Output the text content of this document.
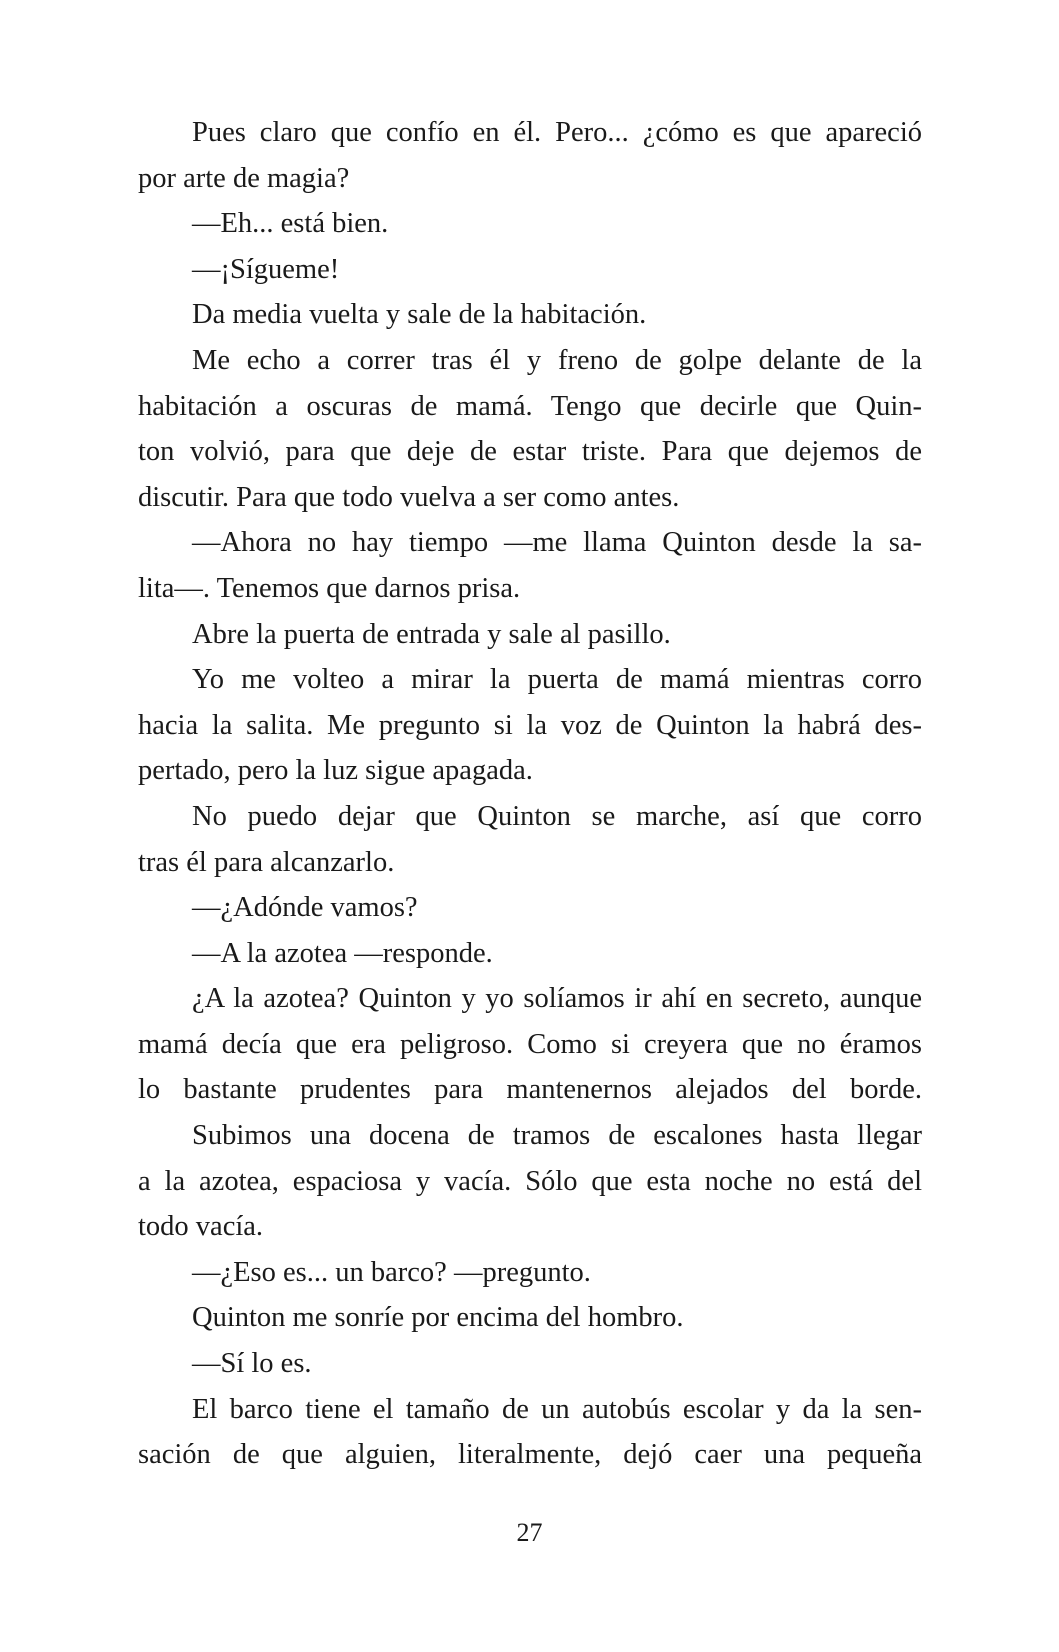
Pues claro que confío en él. Pero... ¿cómo es que apareció
por arte de magia?
—Eh... está bien.
—¡Sígueme!
Da media vuelta y sale de la habitación.
Me echo a correr tras él y freno de golpe delante de la
habitación a oscuras de mamá. Tengo que decirle que Quin-
ton volvió, para que deje de estar triste. Para que dejemos de
discutir. Para que todo vuelva a ser como antes.
—Ahora no hay tiempo —me llama Quinton desde la sa-
lita—. Tenemos que darnos prisa.
Abre la puerta de entrada y sale al pasillo.
Yo me volteo a mirar la puerta de mamá mientras corro
hacia la salita. Me pregunto si la voz de Quinton la habrá des-
pertado, pero la luz sigue apagada.
No puedo dejar que Quinton se marche, así que corro
tras él para alcanzarlo.
—¿Adónde vamos?
—A la azotea —responde.
¿A la azotea? Quinton y yo solíamos ir ahí en secreto, aunque
mamá decía que era peligroso. Como si creyera que no éramos
lo bastante prudentes para mantenernos alejados del borde.
Subimos una docena de tramos de escalones hasta llegar
a la azotea, espaciosa y vacía. Sólo que esta noche no está del
todo vacía.
—¿Eso es... un barco? —pregunto.
Quinton me sonríe por encima del hombro.
—Sí lo es.
El barco tiene el tamaño de un autobús escolar y da la sen-
sación de que alguien, literalmente, dejó caer una pequeña
27
